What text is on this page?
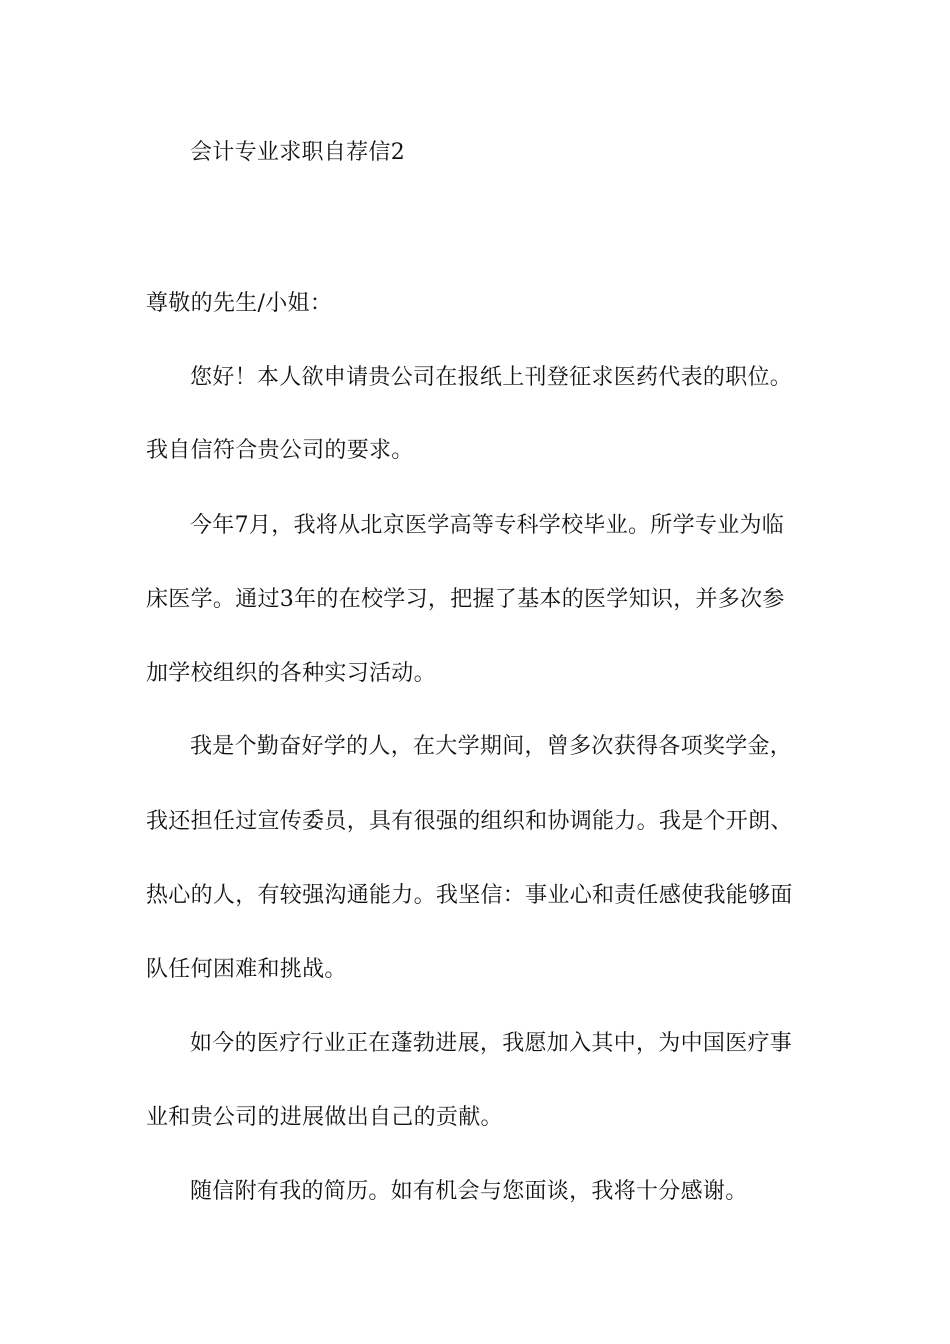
会计专业求职自荐信2
尊敬的先生/小姐：
您好！本人欲申请贵公司在报纸上刊登征求医药代表的职位。
我自信符合贵公司的要求。
今年7月，我将从北京医学高等专科学校毕业。所学专业为临
床医学。通过3年的在校学习，把握了基本的医学知识，并多次参
加学校组织的各种实习活动。
我是个勤奋好学的人，在大学期间，曾多次获得各项奖学金，
我还担任过宣传委员，具有很强的组织和协调能力。我是个开朗、
热心的人，有较强沟通能力。我坚信：事业心和责任感使我能够面
队任何困难和挑战。
如今的医疗行业正在蓬勃进展，我愿加入其中，为中国医疗事
业和贵公司的进展做出自己的贡献。
随信附有我的简历。如有机会与您面谈，我将十分感谢。
